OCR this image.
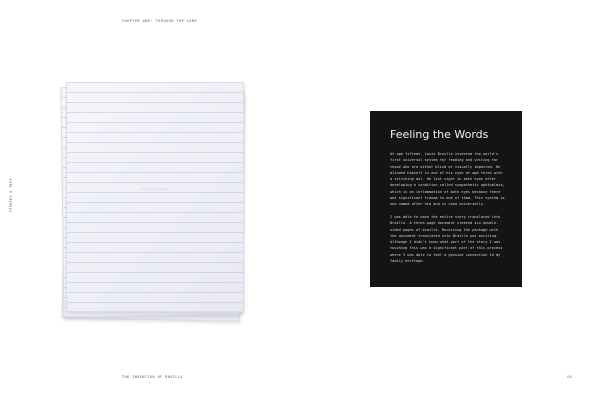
CHAPTER ONE: THROUGH THE LENS
STORIES & TEXT	braille pages
Feeling the Words

At age fifteen, Louis Braille invented the world's first universal system for reading and writing for those who are either blind or visually impaired. He blinded himself in one of his eyes at age three with a stitching awl. He lost sight in both eyes after developing a condition called sympathetic ophthalmia, which is an inflammation of both eyes because there was significant trauma to one of them. This system is now named after him and is used universally.

I was able to have the entire story translated into Braille. A three-page document created six double-sided pages of braille. Receiving the package with the document translated into Braille was exciting. Although I didn't know what part of the story I was touching this was a significant part of this process where I was able to feel a genuine connection to my family heritage.

THE INVENTION OF BRAILLE	XX
